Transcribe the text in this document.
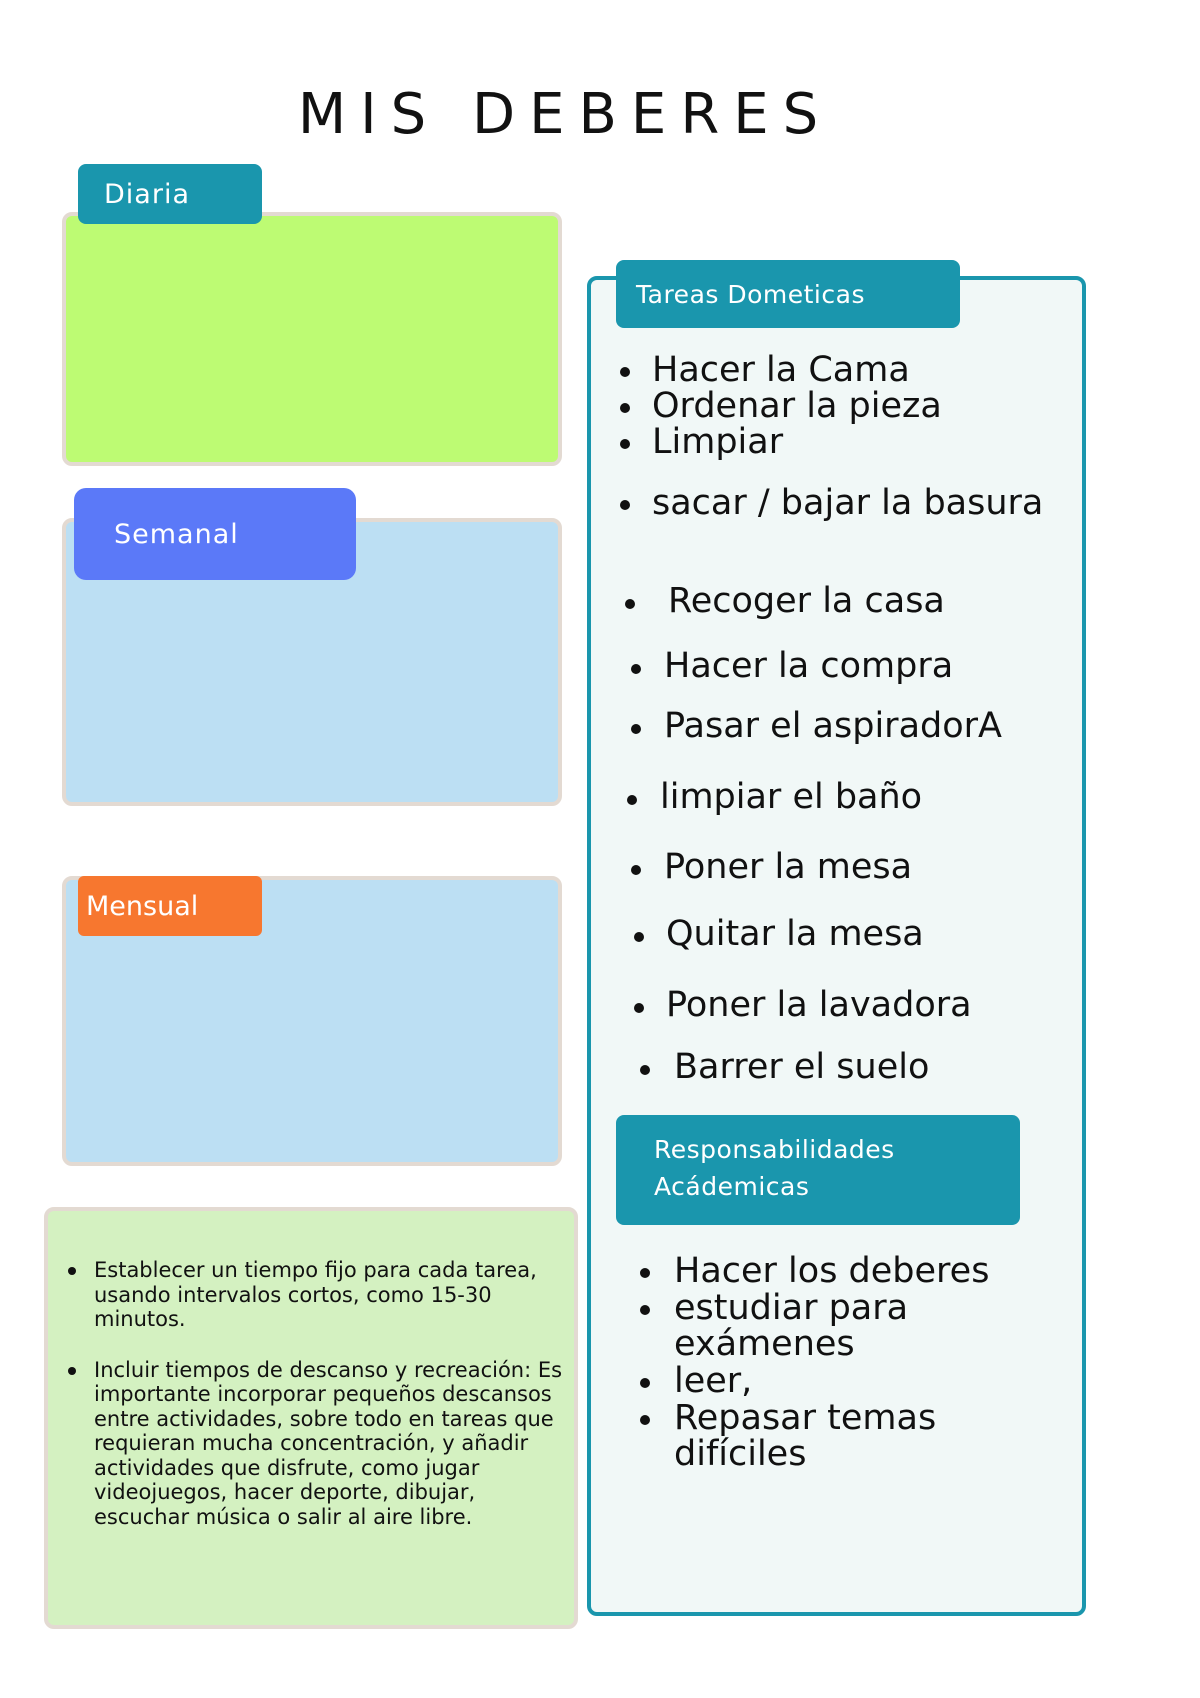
MIS DEBERES
Diaria
Semanal
Mensual
Establecer un tiempo fijo para cada tarea, usando intervalos cortos, como 15-30 minutos.
Incluir tiempos de descanso y recreación: Es importante incorporar pequeños descansos entre actividades, sobre todo en tareas que requieran mucha concentración, y añadir actividades que disfrute, como jugar videojuegos, hacer deporte, dibujar, escuchar música o salir al aire libre.
Tareas Dometicas
Hacer la Cama
Ordenar la pieza
Limpiar
sacar / bajar la basura
Recoger la casa
Hacer la compra
Pasar el aspiradorA
limpiar el baño
Poner la mesa
Quitar la mesa
Poner la lavadora
Barrer el suelo
Responsabilidades
Acádemicas
Hacer los deberes
estudiar para exámenes
leer,
Repasar temas difíciles
